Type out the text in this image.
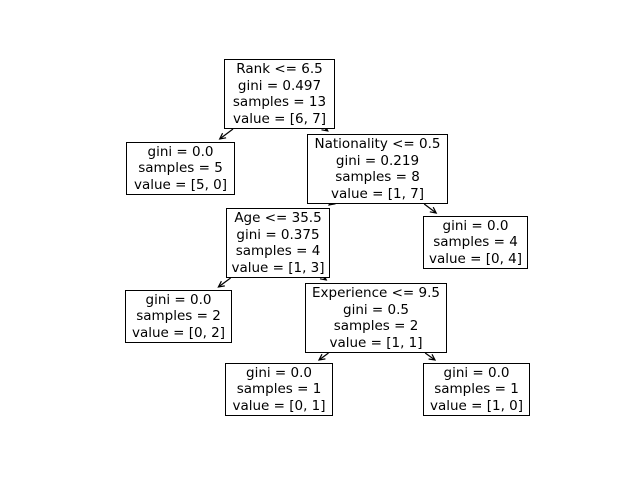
Rank <= 6.5
gini = 0.497
samples = 13
value = [6, 7]
gini = 0.0
samples = 5
value = [5, 0]
Nationality <= 0.5
gini = 0.219
samples = 8
value = [1, 7]
Age <= 35.5
gini = 0.375
samples = 4
value = [1, 3]
gini = 0.0
samples = 4
value = [0, 4]
gini = 0.0
samples = 2
value = [0, 2]
Experience <= 9.5
gini = 0.5
samples = 2
value = [1, 1]
gini = 0.0
samples = 1
value = [0, 1]
gini = 0.0
samples = 1
value = [1, 0]
